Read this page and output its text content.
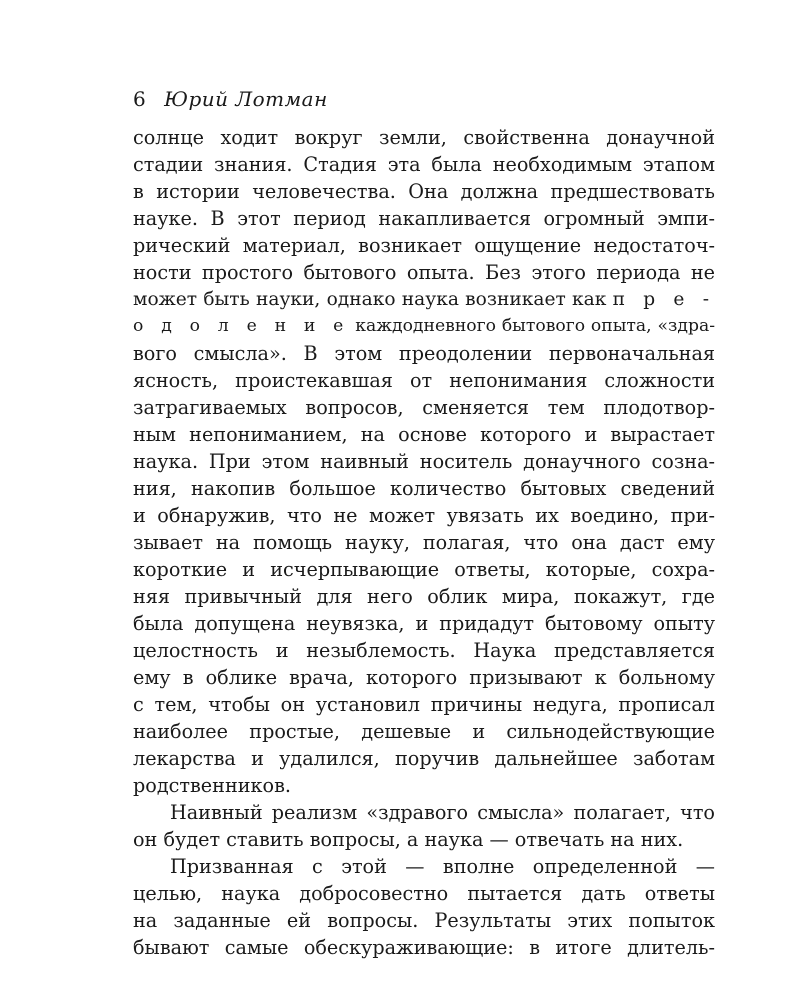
6 Юрий Лотман
солнце ходит вокруг земли, свойственна донаучной
стадии знания. Стадия эта была необходимым этапом
в истории человечества. Она должна предшествовать
науке. В этот период накапливается огромный эмпи-
рический материал, возникает ощущение недостаточ-
ности простого бытового опыта. Без этого периода не
может быть науки, однако наука возникает как п р е -
о д о л е н и е каждодневного бытового опыта, «здра-
вого смысла». В этом преодолении первоначальная
ясность, проистекавшая от непонимания сложности
затрагиваемых вопросов, сменяется тем плодотвор-
ным непониманием, на основе которого и вырастает
наука. При этом наивный носитель донаучного созна-
ния, накопив большое количество бытовых сведений
и обнаружив, что не может увязать их воедино, при-
зывает на помощь науку, полагая, что она даст ему
короткие и исчерпывающие ответы, которые, сохра-
няя привычный для него облик мира, покажут, где
была допущена неувязка, и придадут бытовому опыту
целостность и незыблемость. Наука представляется
ему в облике врача, которого призывают к больному
с тем, чтобы он установил причины недуга, прописал
наиболее простые, дешевые и сильнодействующие
лекарства и удалился, поручив дальнейшее заботам
родственников.
Наивный реализм «здравого смысла» полагает, что
он будет ставить вопросы, а наука — отвечать на них.
Призванная с этой — вполне определенной —
целью, наука добросовестно пытается дать ответы
на заданные ей вопросы. Результаты этих попыток
бывают самые обескураживающие: в итоге длитель-
